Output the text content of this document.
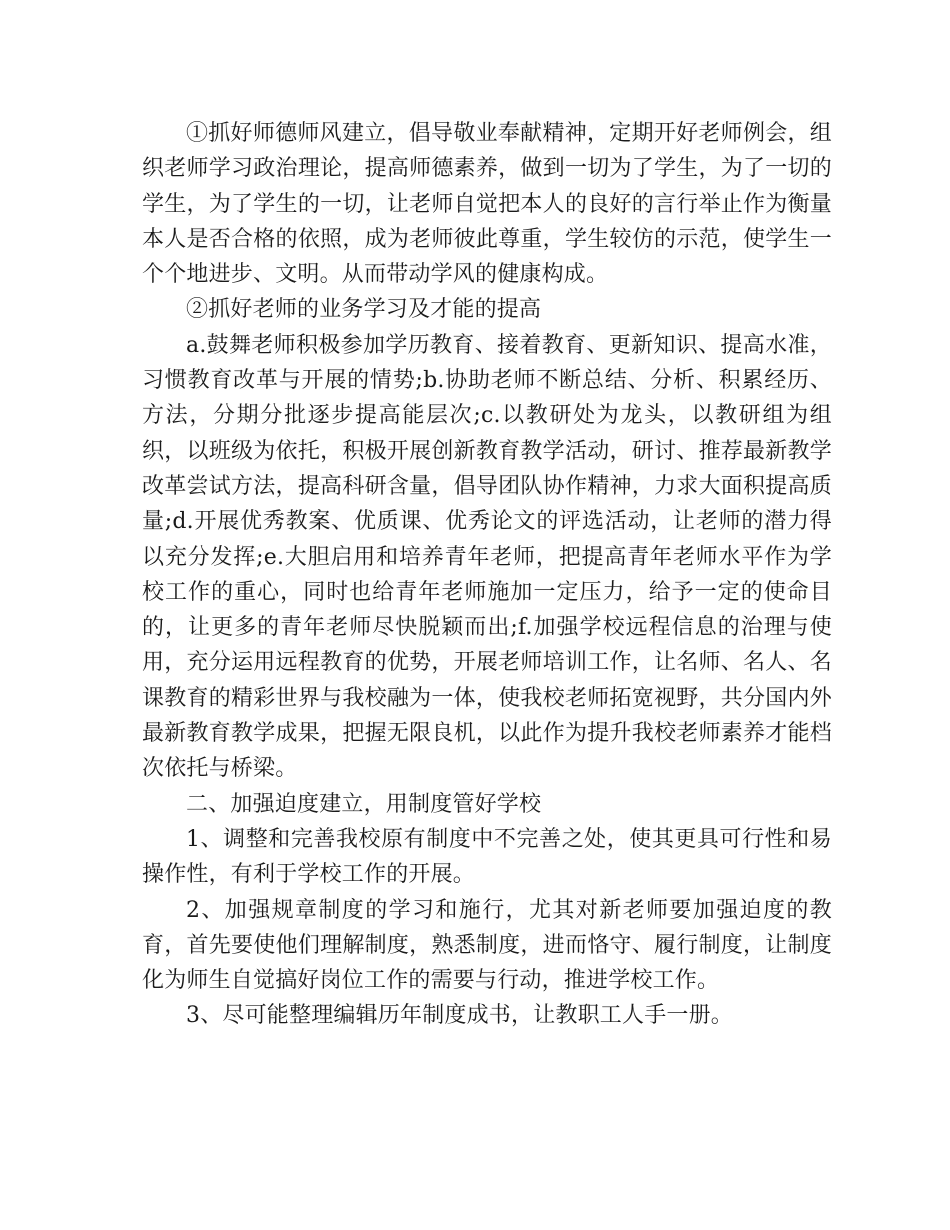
①抓好师德师风建立，倡导敬业奉献精神，定期开好老师例会，组织老师学习政治理论，提高师德素养，做到一切为了学生，为了一切的学生，为了学生的一切，让老师自觉把本人的良好的言行举止作为衡量本人是否合格的依照，成为老师彼此尊重，学生较仿的示范，使学生一个个地进步、文明。从而带动学风的健康构成。

②抓好老师的业务学习及才能的提高

a.鼓舞老师积极参加学历教育、接着教育、更新知识、提高水准，习惯教育改革与开展的情势;b.协助老师不断总结、分析、积累经历、方法，分期分批逐步提高能层次;c.以教研处为龙头，以教研组为组织，以班级为依托，积极开展创新教育教学活动，研讨、推荐最新教学改革尝试方法，提高科研含量，倡导团队协作精神，力求大面积提高质量;d.开展优秀教案、优质课、优秀论文的评选活动，让老师的潜力得以充分发挥;e.大胆启用和培养青年老师，把提高青年老师水平作为学校工作的重心，同时也给青年老师施加一定压力，给予一定的使命目的，让更多的青年老师尽快脱颖而出;f.加强学校远程信息的治理与使用，充分运用远程教育的优势，开展老师培训工作，让名师、名人、名课教育的精彩世界与我校融为一体，使我校老师拓宽视野，共分国内外最新教育教学成果，把握无限良机，以此作为提升我校老师素养才能档次依托与桥梁。

二、加强迫度建立，用制度管好学校

1、调整和完善我校原有制度中不完善之处，使其更具可行性和易操作性，有利于学校工作的开展。

2、加强规章制度的学习和施行，尤其对新老师要加强迫度的教育，首先要使他们理解制度，熟悉制度，进而恪守、履行制度，让制度化为师生自觉搞好岗位工作的需要与行动，推进学校工作。

3、尽可能整理编辑历年制度成书，让教职工人手一册。
